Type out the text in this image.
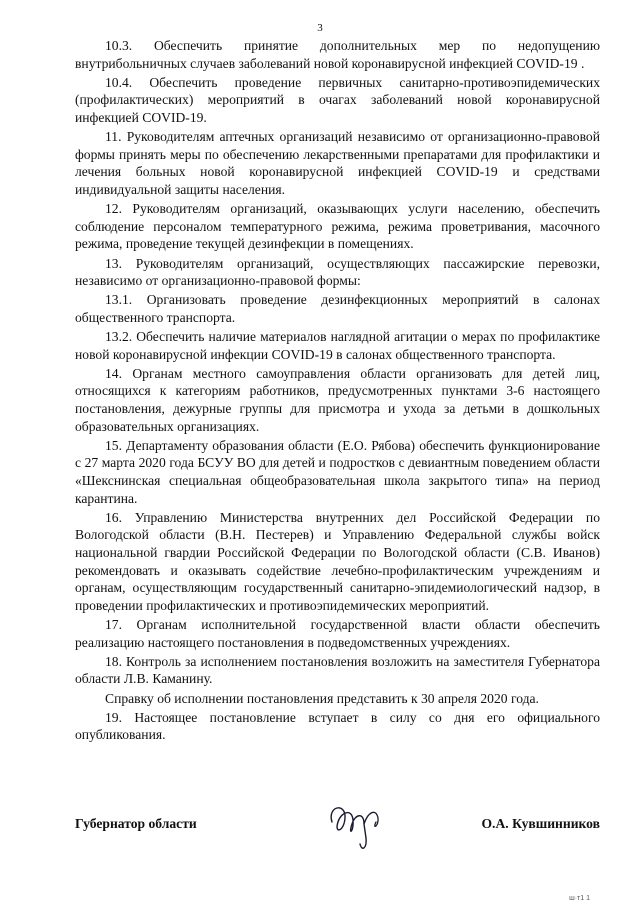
3

10.3. Обеспечить принятие дополнительных мер по недопущению внутрибольничных случаев заболеваний новой коронавирусной инфекцией COVID-19 .

10.4. Обеспечить проведение первичных санитарно-противоэпидемических (профилактических) мероприятий в очагах заболеваний новой коронавирусной инфекцией COVID-19.

11. Руководителям аптечных организаций независимо от организационно-правовой формы принять меры по обеспечению лекарственными препаратами для профилактики и лечения больных новой коронавирусной инфекцией COVID-19 и средствами индивидуальной защиты населения.

12. Руководителям организаций, оказывающих услуги населению, обеспечить соблюдение персоналом температурного режима, режима проветривания, масочного режима, проведение текущей дезинфекции в помещениях.

13. Руководителям организаций, осуществляющих пассажирские перевозки, независимо от организационно-правовой формы:

13.1. Организовать проведение дезинфекционных мероприятий в салонах общественного транспорта.

13.2. Обеспечить наличие материалов наглядной агитации о мерах по профилактике новой коронавирусной инфекции COVID-19 в салонах общественного транспорта.

14. Органам местного самоуправления области организовать для детей лиц, относящихся к категориям работников, предусмотренных пунктами 3-6 настоящего постановления, дежурные группы для присмотра и ухода за детьми в дошкольных образовательных организациях.

15. Департаменту образования области (Е.О. Рябова) обеспечить функционирование с 27 марта 2020 года БСУУ ВО для детей и подростков с девиантным поведением области «Шекснинская специальная общеобразовательная школа закрытого типа» на период карантина.

16. Управлению Министерства внутренних дел Российской Федерации по Вологодской области (В.Н. Пестерев) и Управлению Федеральной службы войск национальной гвардии Российской Федерации по Вологодской области (С.В. Иванов) рекомендовать и оказывать содействие лечебно-профилактическим учреждениям и органам, осуществляющим государственный санитарно-эпидемиологический надзор, в проведении профилактических и противоэпидемических мероприятий.

17. Органам исполнительной государственной власти области обеспечить реализацию настоящего постановления в подведомственных учреждениях.

18. Контроль за исполнением постановления возложить на заместителя Губернатора области Л.В. Каманину.

Справку об исполнении постановления представить к 30 апреля 2020 года.

19. Настоящее постановление вступает в силу со дня его официального опубликования.

Губернатор области	О.А. Кувшинников
ш·т1 1
